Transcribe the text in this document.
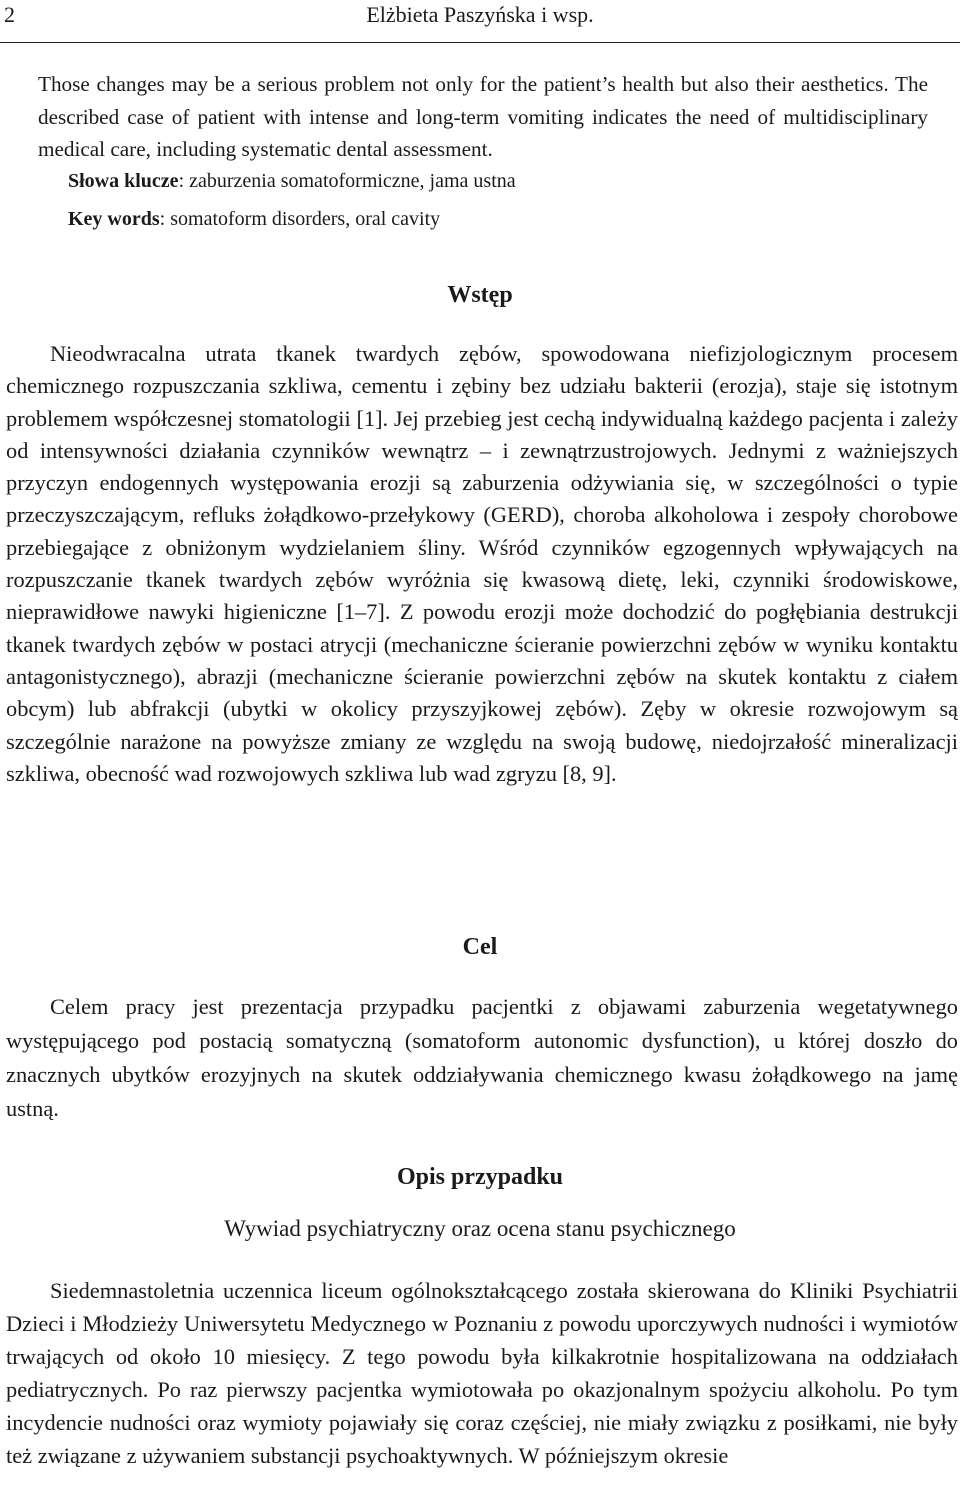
2	Elżbieta Paszyńska i wsp.

Those changes may be a serious problem not only for the patient’s health but also their aesthetics. The described case of patient with intense and long-term vomiting indicates the need of multidisciplinary medical care, including systematic dental assessment.

Słowa klucze: zaburzenia somatoformiczne, jama ustna
Key words: somatoform disorders, oral cavity
Wstęp

Nieodwracalna utrata tkanek twardych zębów, spowodowana niefizjologicznym procesem chemicznego rozpuszczania szkliwa, cementu i zębiny bez udziału bakterii (erozja), staje się istotnym problemem współczesnej stomatologii [1]. Jej przebieg jest cechą indywidualną każdego pacjenta i zależy od intensywności działania czynników wewnątrz – i zewnątrzustrojowych. Jednymi z ważniejszych przyczyn endogennych występowania erozji są zaburzenia odżywiania się, w szczególności o typie przeczyszczającym, refluks żołądkowo-przełykowy (GERD), choroba alkoholowa i zespoły chorobowe przebiegające z obniżonym wydzielaniem śliny. Wśród czynników egzogennych wpływających na rozpuszczanie tkanek twardych zębów wyróżnia się kwasową dietę, leki, czynniki środowiskowe, nieprawidłowe nawyki higieniczne [1–7]. Z powodu erozji może dochodzić do pogłębiania destrukcji tkanek twardych zębów w postaci atrycji (mechaniczne ścieranie powierzchni zębów w wyniku kontaktu antagonistycznego), abrazji (mechaniczne ścieranie powierzchni zębów na skutek kontaktu z ciałem obcym) lub abfrakcji (ubytki w okolicy przyszyjkowej zębów). Zęby w okresie rozwojowym są szczególnie narażone na powyższe zmiany ze względu na swoją budowę, niedojrzałość mineralizacji szkliwa, obecność wad rozwojowych szkliwa lub wad zgryzu [8, 9].

Cel

Celem pracy jest prezentacja przypadku pacjentki z objawami zaburzenia wegetatywnego występującego pod postacią somatyczną (somatoform autonomic dysfunction), u której doszło do znacznych ubytków erozyjnych na skutek oddziaływania chemicznego kwasu żołądkowego na jamę ustną.

Opis przypadku
Wywiad psychiatryczny oraz ocena stanu psychicznego

Siedemnastoletnia uczennica liceum ogólnokształcącego została skierowana do Kliniki Psychiatrii Dzieci i Młodzieży Uniwersytetu Medycznego w Poznaniu z powodu uporczywych nudności i wymiotów trwających od około 10 miesięcy. Z tego powodu była kilkakrotnie hospitalizowana na oddziałach pediatrycznych. Po raz pierwszy pacjentka wymiotowała po okazjonalnym spożyciu alkoholu. Po tym incydencie nudności oraz wymioty pojawiały się coraz częściej, nie miały związku z posiłkami, nie były też związane z używaniem substancji psychoaktywnych. W późniejszym okresie
